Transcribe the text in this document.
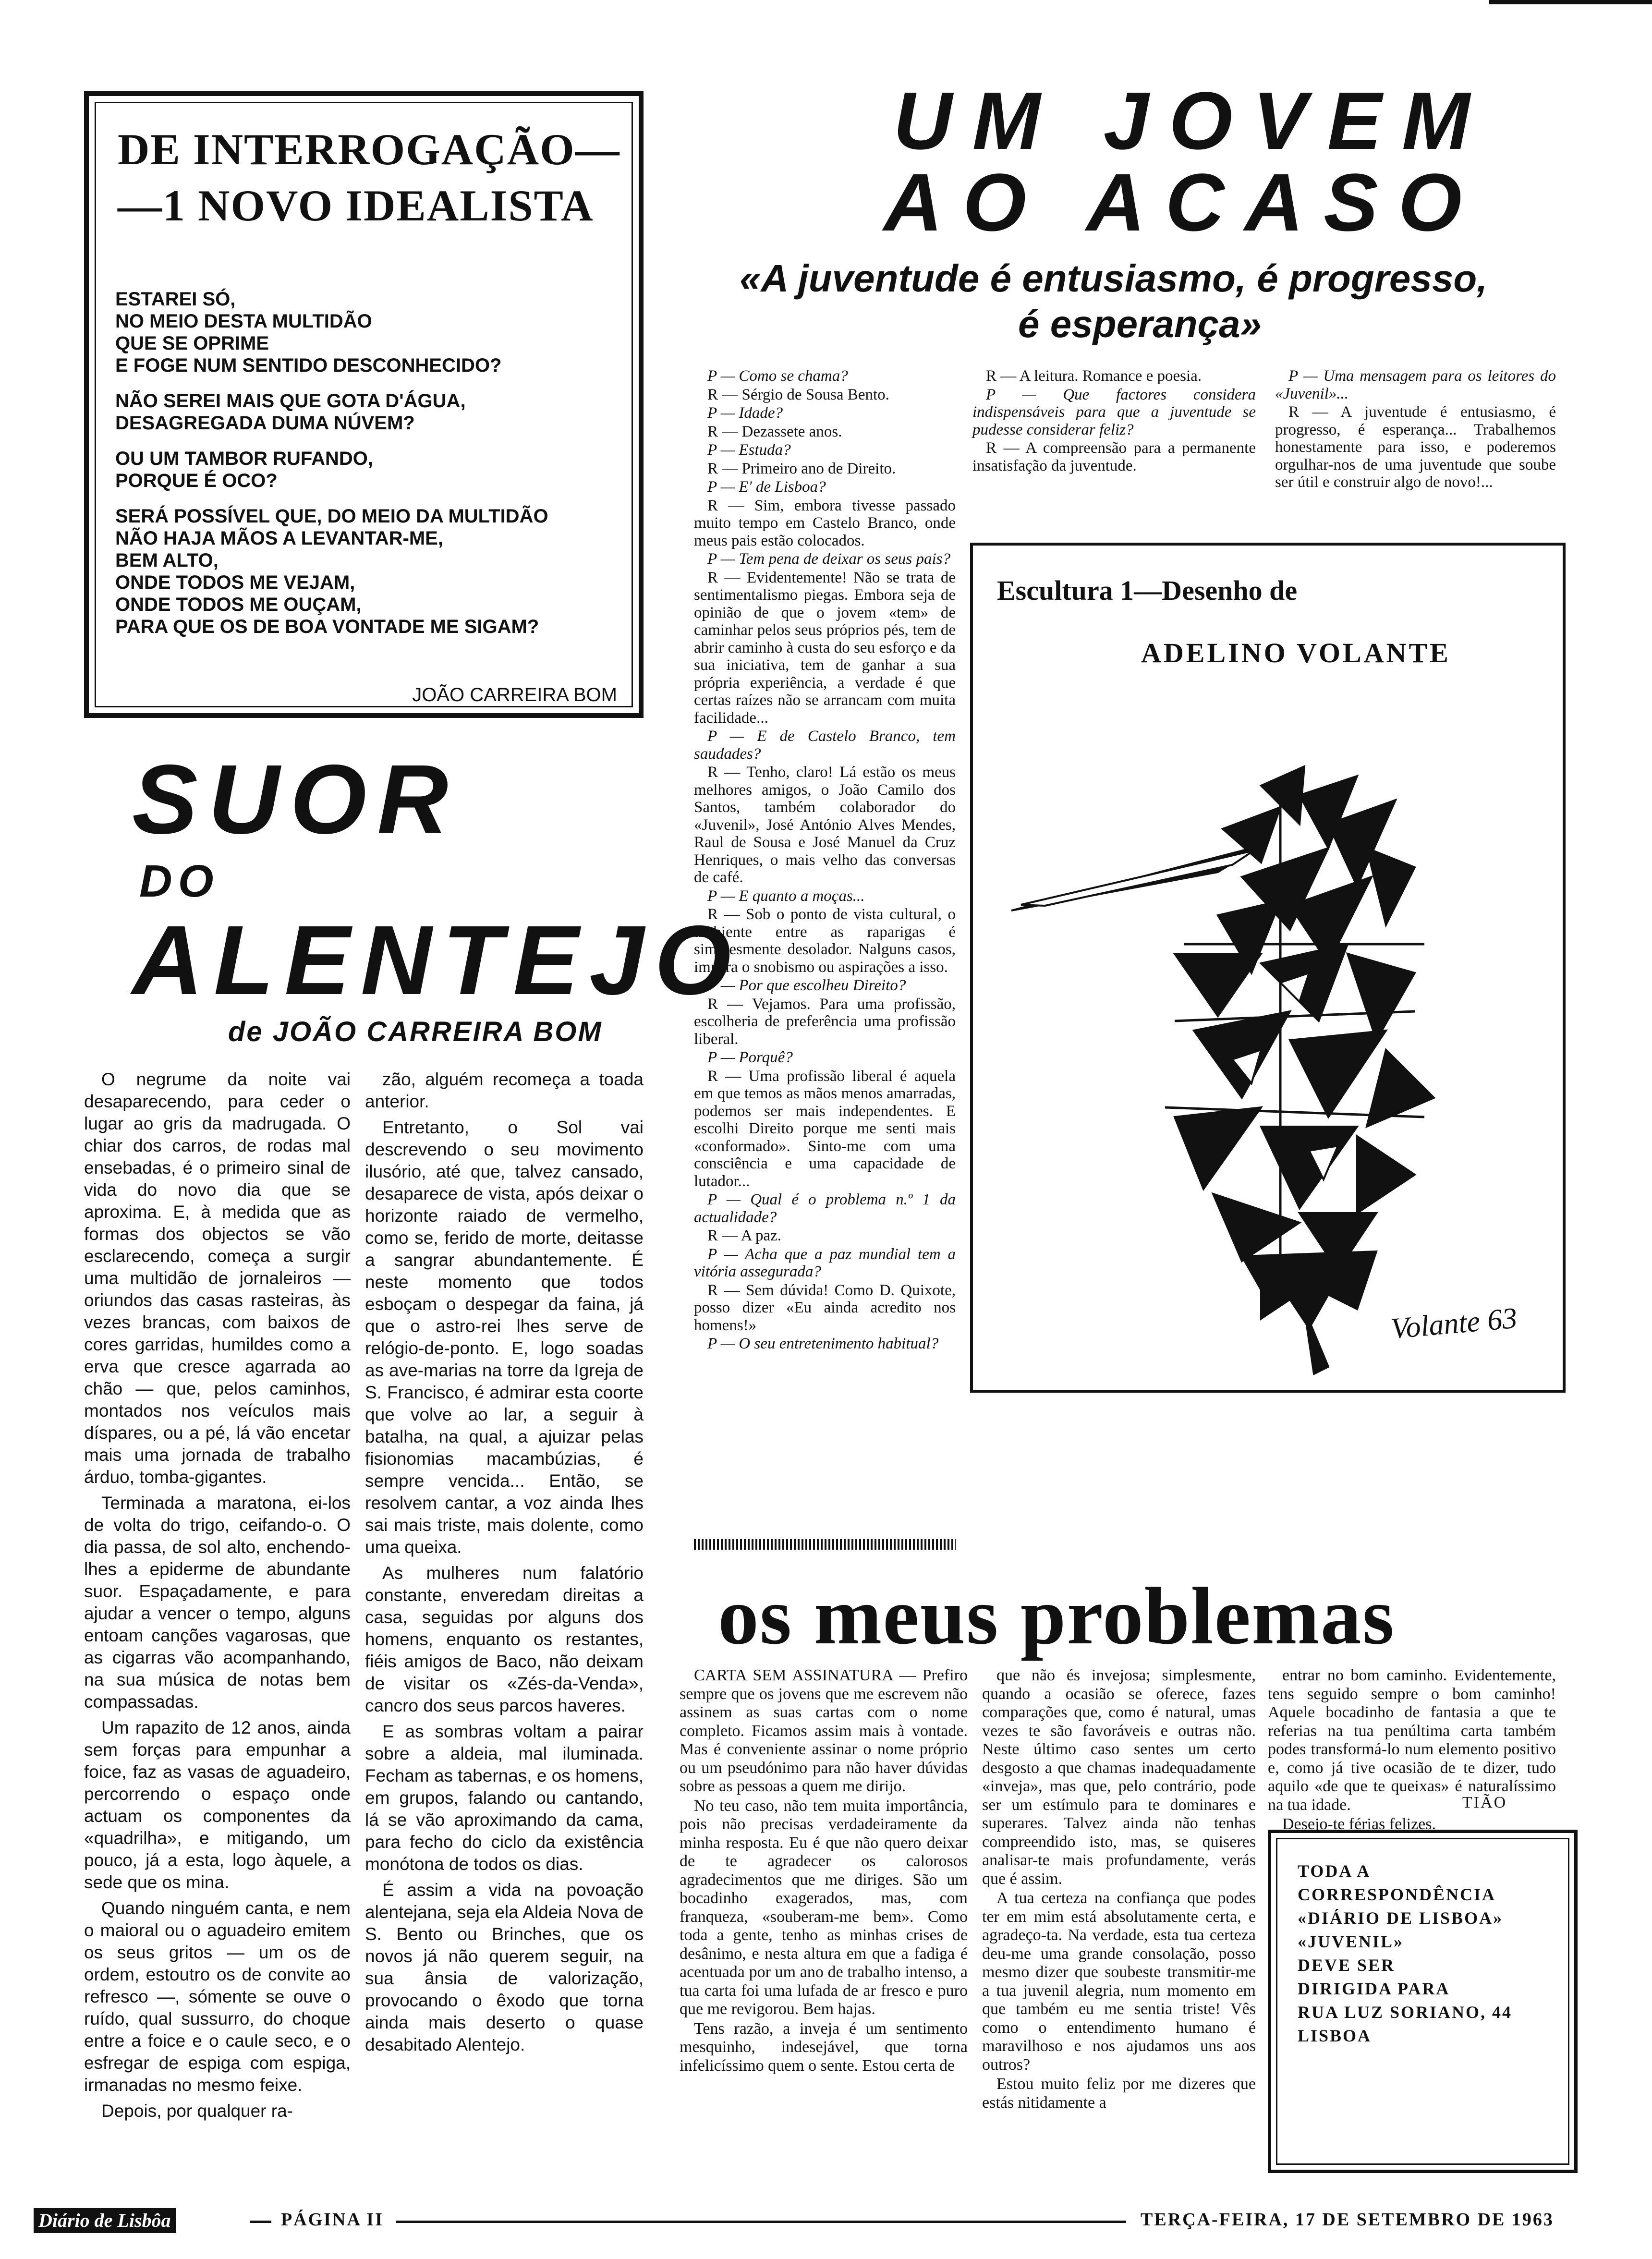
DE INTERROGAÇÃO—
—1 NOVO IDEALISTA
ESTAREI SÓ,
NO MEIO DESTA MULTIDÃO
QUE SE OPRIME
E FOGE NUM SENTIDO DESCONHECIDO?
NÃO SEREI MAIS QUE GOTA D'ÁGUA,
DESAGREGADA DUMA NÚVEM?
OU UM TAMBOR RUFANDO,
PORQUE É OCO?
SERÁ POSSÍVEL QUE, DO MEIO DA MULTIDÃO
NÃO HAJA MÃOS A LEVANTAR-ME,
BEM ALTO,
ONDE TODOS ME VEJAM,
ONDE TODOS ME OUÇAM,
PARA QUE OS DE BOA VONTADE ME SIGAM?
JOÃO CARREIRA BOM
SUOR
DO
ALENTEJO
de JOÃO CARREIRA BOM

O negrume da noite vai desaparecendo, para ceder o lugar ao gris da madrugada. O chiar dos carros, de rodas mal ensebadas, é o primeiro sinal de vida do novo dia que se aproxima. E, à medida que as formas dos objectos se vão esclarecendo, começa a surgir uma multidão de jornaleiros — oriundos das casas rasteiras, às vezes brancas, com baixos de cores garridas, humildes como a erva que cresce agarrada ao chão — que, pelos caminhos, montados nos veículos mais díspares, ou a pé, lá vão encetar mais uma jornada de trabalho árduo, tomba-gigantes.

Terminada a maratona, ei-los de volta do trigo, ceifando-o. O dia passa, de sol alto, enchendo-lhes a epiderme de abundante suor. Espaçadamente, e para ajudar a vencer o tempo, alguns entoam canções vagarosas, que as cigarras vão acompanhando, na sua música de notas bem compassadas.

Um rapazito de 12 anos, ainda sem forças para empunhar a foice, faz as vasas de aguadeiro, percorrendo o espaço onde actuam os componentes da «quadrilha», e mitigando, um pouco, já a esta, logo àquele, a sede que os mina.

Quando ninguém canta, e nem o maioral ou o aguadeiro emitem os seus gritos — um os de ordem, estoutro os de convite ao refresco —, sómente se ouve o ruído, qual sussurro, do choque entre a foice e o caule seco, e o esfregar de espiga com espiga, irmanadas no mesmo feixe.

Depois, por qualquer ra-

zão, alguém recomeça a toada anterior.

Entretanto, o Sol vai descrevendo o seu movimento ilusório, até que, talvez cansado, desaparece de vista, após deixar o horizonte raiado de vermelho, como se, ferido de morte, deitasse a sangrar abundantemente. É neste momento que todos esboçam o despegar da faina, já que o astro-rei lhes serve de relógio-de-ponto. E, logo soadas as ave-marias na torre da Igreja de S. Francisco, é admirar esta coorte que volve ao lar, a seguir à batalha, na qual, a ajuizar pelas fisionomias macambúzias, é sempre vencida... Então, se resolvem cantar, a voz ainda lhes sai mais triste, mais dolente, como uma queixa.

As mulheres num falatório constante, enveredam direitas a casa, seguidas por alguns dos homens, enquanto os restantes, fiéis amigos de Baco, não deixam de visitar os «Zés-da-Venda», cancro dos seus parcos haveres.

E as sombras voltam a pairar sobre a aldeia, mal iluminada. Fecham as tabernas, e os homens, em grupos, falando ou cantando, lá se vão aproximando da cama, para fecho do ciclo da existência monótona de todos os dias.

É assim a vida na povoação alentejana, seja ela Aldeia Nova de S. Bento ou Brinches, que os novos já não querem seguir, na sua ânsia de valorização, provocando o êxodo que torna ainda mais deserto o quase desabitado Alentejo.

UM JOVEM
AO ACASO
«A juventude é entusiasmo, é progresso,
é esperança»

P — Como se chama?

R — Sérgio de Sousa Bento.

P — Idade?

R — Dezassete anos.

P — Estuda?

R — Primeiro ano de Direito.

P — E' de Lisboa?

R — Sim, embora tivesse passado muito tempo em Castelo Branco, onde meus pais estão colocados.

P — Tem pena de deixar os seus pais?

R — Evidentemente! Não se trata de sentimentalismo piegas. Embora seja de opinião de que o jovem «tem» de caminhar pelos seus próprios pés, tem de abrir caminho à custa do seu esforço e da sua iniciativa, tem de ganhar a sua própria experiência, a verdade é que certas raízes não se arrancam com muita facilidade...

P — E de Castelo Branco, tem saudades?

R — Tenho, claro! Lá estão os meus melhores amigos, o João Camilo dos Santos, também colaborador do «Juvenil», José António Alves Mendes, Raul de Sousa e José Manuel da Cruz Henriques, o mais velho das conversas de café.

P — E quanto a moças...

R — Sob o ponto de vista cultural, o ambiente entre as raparigas é simplesmente desolador. Nalguns casos, impera o snobismo ou aspirações a isso.

P — Por que escolheu Direito?

R — Vejamos. Para uma profissão, escolheria de preferência uma profissão liberal.

P — Porquê?

R — Uma profissão liberal é aquela em que temos as mãos menos amarradas, podemos ser mais independentes. E escolhi Direito porque me senti mais «conformado». Sinto-me com uma consciência e uma capacidade de lutador...

P — Qual é o problema n.º 1 da actualidade?

R — A paz.

P — Acha que a paz mundial tem a vitória assegurada?

R — Sem dúvida! Como D. Quixote, posso dizer «Eu ainda acredito nos homens!»

P — O seu entretenimento habitual?

R — A leitura. Romance e poesia.

P — Que factores considera indispensáveis para que a juventude se pudesse considerar feliz?

R — A compreensão para a permanente insatisfação da juventude.

P — Uma mensagem para os leitores do «Juvenil»...

R — A juventude é entusiasmo, é progresso, é esperança... Trabalhemos honestamente para isso, e poderemos orgulhar-nos de uma juventude que soube ser útil e construir algo de novo!...

Escultura 1—Desenho de
ADELINO VOLANTE
Volante 63
os meus problemas

CARTA SEM ASSINATURA — Prefiro sempre que os jovens que me escrevem não assinem as suas cartas com o nome completo. Ficamos assim mais à vontade. Mas é conveniente assinar o nome próprio ou um pseudónimo para não haver dúvidas sobre as pessoas a quem me dirijo.

No teu caso, não tem muita importância, pois não precisas verdadeiramente da minha resposta. Eu é que não quero deixar de te agradecer os calorosos agradecimentos que me diriges. São um bocadinho exagerados, mas, com franqueza, «souberam-me bem». Como toda a gente, tenho as minhas crises de desânimo, e nesta altura em que a fadiga é acentuada por um ano de trabalho intenso, a tua carta foi uma lufada de ar fresco e puro que me revigorou. Bem hajas.

Tens razão, a inveja é um sentimento mesquinho, indesejável, que torna infelicíssimo quem o sente. Estou certa de

que não és invejosa; simplesmente, quando a ocasião se oferece, fazes comparações que, como é natural, umas vezes te são favoráveis e outras não. Neste último caso sentes um certo desgosto a que chamas inadequadamente «inveja», mas que, pelo contrário, pode ser um estímulo para te dominares e superares. Talvez ainda não tenhas compreendido isto, mas, se quiseres analisar-te mais profundamente, verás que é assim.

A tua certeza na confiança que podes ter em mim está absolutamente certa, e agradeço-ta. Na verdade, esta tua certeza deu-me uma grande consolação, posso mesmo dizer que soubeste transmitir-me a tua juvenil alegria, num momento em que também eu me sentia triste! Vês como o entendimento humano é maravilhoso e nos ajudamos uns aos outros?

Estou muito feliz por me dizeres que estás nitidamente a

entrar no bom caminho. Evidentemente, tens seguido sempre o bom caminho! Aquele bocadinho de fantasia a que te referias na tua penúltima carta também podes transformá-lo num elemento positivo e, como já tive ocasião de te dizer, tudo aquilo «de que te queixas» é naturalíssimo na tua idade.

Desejo-te férias felizes.

TIÃO
TODA A
CORRESPONDÊNCIA
«DIÁRIO DE LISBOA»
«JUVENIL»
DEVE SER
DIRIGIDA PARA
RUA LUZ SORIANO, 44
LISBOA
Diário de Lisbôa	PÁGINA II	TERÇA-FEIRA, 17 DE SETEMBRO DE 1963
